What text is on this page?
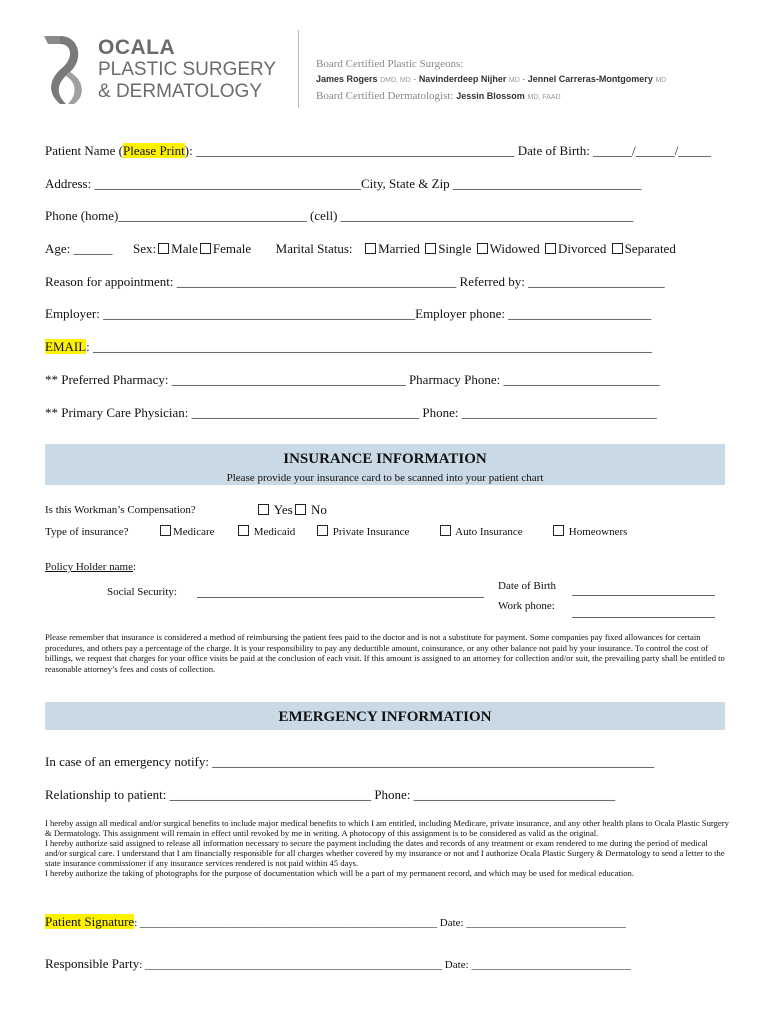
OCALA
PLASTIC SURGERY
& DERMATOLOGY
Board Certified Plastic Surgeons:
James Rogers DMD, MD · Navinderdeep Nijher MD · Jennel Carreras-Montgomery MD
Board Certified Dermatologist: Jessin Blossom MD, FAAD
Patient Name (Please Print): _________________________________________________ Date of Birth: ______/______/_____
Address: _________________________________________City, State & Zip _____________________________
Phone (home)_____________________________ (cell) _____________________________________________
Age: ______ Sex: Male Female Marital Status: Married Single Widowed Divorced Separated
Reason for appointment: ___________________________________________ Referred by: _____________________
Employer: ________________________________________________Employer phone: ______________________
EMAIL: ______________________________________________________________________________________
** Preferred Pharmacy: ____________________________________ Pharmacy Phone: ________________________
** Primary Care Physician: ___________________________________ Phone: ______________________________
INSURANCE INFORMATION
Please provide your insurance card to be scanned into your patient chart
Is this Workman’s Compensation?	Yes No
Type of insurance?	Medicare	Medicaid	Private Insurance	Auto Insurance	Homeowners
Policy Holder name:
Social Security:	Date of Birth
Work phone:
Please remember that insurance is considered a method of reimbursing the patient fees paid to the doctor and is not a substitute for payment. Some companies pay fixed allowances for certain procedures, and others pay a percentage of the charge. It is your responsibility to pay any deductible amount, coinsurance, or any other balance not paid by your insurance. To control the cost of billings, we request that charges for your office visits be paid at the conclusion of each visit. If this amount is assigned to an attorney for collection and/or suit, the prevailing party shall be entitled to reasonable attorney’s fees and costs of collection.
EMERGENCY INFORMATION
In case of an emergency notify: ____________________________________________________________________
Relationship to patient: _______________________________ Phone: _______________________________
I hereby assign all medical and/or surgical benefits to include major medical benefits to which I am entitled, including Medicare, private insurance, and any other health plans to Ocala Plastic Surgery & Dermatology. This assignment will remain in effect until revoked by me in writing. A photocopy of this assignment is to be considered as valid as the original.
I hereby authorize said assigned to release all information necessary to secure the payment including the dates and records of any treatment or exam rendered to me during the period of medical and/or surgical care. I understand that I am financially responsible for all charges whether covered by my insurance or not and I authorize Ocala Plastic Surgery & Dermatology to send a letter to the state insurance commissioner if any insurance services rendered is not paid within 45 days.
I hereby authorize the taking of photographs for the purpose of documentation which will be a part of my permanent record, and which may be used for medical education.
Patient Signature: ______________________________________________________ Date: _____________________________
Responsible Party: ______________________________________________________ Date: _____________________________
